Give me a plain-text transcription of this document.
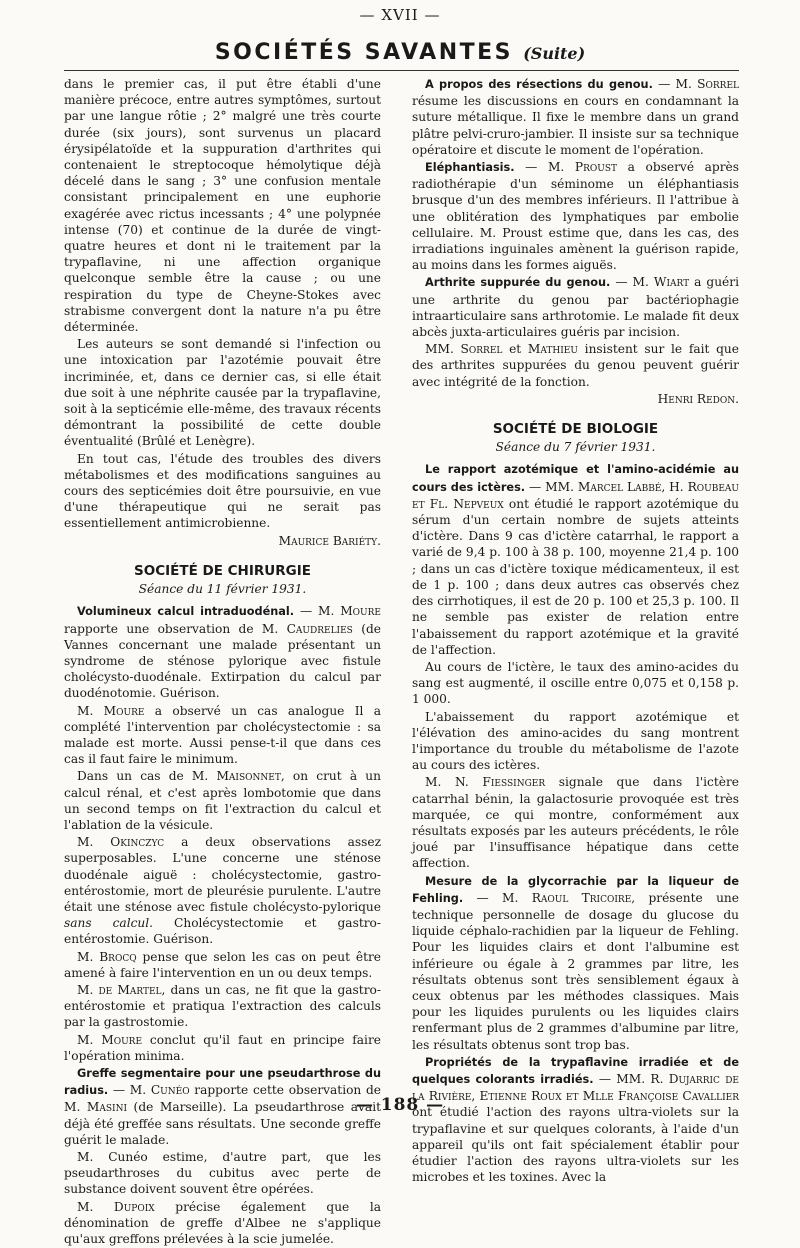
— XVII —
SOCIÉTÉS SAVANTES (Suite)

dans le premier cas, il put être établi d'une manière précoce, entre autres symptômes, surtout par une langue rôtie ; 2° malgré une très courte durée (six jours), sont survenus un placard érysipélatoïde et la suppuration d'arthrites qui contenaient le streptocoque hémolytique déjà décelé dans le sang ; 3° une confusion mentale consistant principalement en une euphorie exagérée avec rictus incessants ; 4° une polypnée intense (70) et continue de la durée de vingt-quatre heures et dont ni le traitement par la trypaflavine, ni une affection organique quelconque semble être la cause ; ou une respiration du type de Cheyne-Stokes avec strabisme convergent dont la nature n'a pu être déterminée.

Les auteurs se sont demandé si l'infection ou une intoxication par l'azotémie pouvait être incriminée, et, dans ce dernier cas, si elle était due soit à une néphrite causée par la trypaflavine, soit à la septicémie elle-même, des travaux récents démontrant la possibilité de cette double éventualité (Brûlé et Lenègre).

En tout cas, l'étude des troubles des divers métabolismes et des modifications sanguines au cours des septicémies doit être poursuivie, en vue d'une thérapeutique qui ne serait pas essentiellement antimicrobienne.

Maurice Bariéty.
SOCIÉTÉ DE CHIRURGIE
Séance du 11 février 1931.

Volumineux calcul intraduodénal. — M. Moure rapporte une observation de M. Caudrelies (de Vannes concernant une malade présentant un syndrome de sténose pylorique avec fistule cholécysto-duodénale. Extirpation du calcul par duodénotomie. Guérison.

M. Moure a observé un cas analogue Il a complété l'intervention par cholécystectomie : sa malade est morte. Aussi pense-t-il que dans ces cas il faut faire le minimum.

Dans un cas de M. Maisonnet, on crut à un calcul rénal, et c'est après lombotomie que dans un second temps on fit l'extraction du calcul et l'ablation de la vésicule.

M. Okinczyc a deux observations assez superposables. L'une concerne une sténose duodénale aiguë : cholécystectomie, gastro-entérostomie, mort de pleurésie purulente. L'autre était une sténose avec fistule cholécysto-pylorique sans calcul. Cholécystectomie et gastro-entérostomie. Guérison.

M. Brocq pense que selon les cas on peut être amené à faire l'intervention en un ou deux temps.

M. de Martel, dans un cas, ne fit que la gastro-entérostomie et pratiqua l'extraction des calculs par la gastrostomie.

M. Moure conclut qu'il faut en principe faire l'opération minima.

Greffe segmentaire pour une pseudarthrose du radius. — M. Cunéo rapporte cette observation de M. Masini (de Marseille). La pseudarthrose avait déjà été greffée sans résultats. Une seconde greffe guérit le malade.

M. Cunéo estime, d'autre part, que les pseudarthroses du cubitus avec perte de substance doivent souvent être opérées.

M. Dupoix précise également que la dénomination de greffe d'Albee ne s'applique qu'aux greffons prélevées à la scie jumelée.

A propos des résections du genou. — M. Sorrel résume les discussions en cours en condamnant la suture métallique. Il fixe le membre dans un grand plâtre pelvi-cruro-jambier. Il insiste sur sa technique opératoire et discute le moment de l'opération.

Eléphantiasis. — M. Proust a observé après radiothérapie d'un séminome un éléphantiasis brusque d'un des membres inférieurs. Il l'attribue à une oblitération des lymphatiques par embolie cellulaire. M. Proust estime que, dans les cas, des irradiations inguinales amènent la guérison rapide, au moins dans les formes aiguës.

Arthrite suppurée du genou. — M. Wiart a guéri une arthrite du genou par bactériophagie intraarticulaire sans arthrotomie. Le malade fit deux abcès juxta-articulaires guéris par incision.

MM. Sorrel et Mathieu insistent sur le fait que des arthrites suppurées du genou peuvent guérir avec intégrité de la fonction.

Henri Redon.
SOCIÉTÉ DE BIOLOGIE
Séance du 7 février 1931.

Le rapport azotémique et l'amino-acidémie au cours des ictères. — MM. Marcel Labbé, H. Roubeau et Fl. Nepveux ont étudié le rapport azotémique du sérum d'un certain nombre de sujets atteints d'ictère. Dans 9 cas d'ictère catarrhal, le rapport a varié de 9,4 p. 100 à 38 p. 100, moyenne 21,4 p. 100 ; dans un cas d'ictère toxique médicamenteux, il est de 1 p. 100 ; dans deux autres cas observés chez des cirrhotiques, il est de 20 p. 100 et 25,3 p. 100. Il ne semble pas exister de relation entre l'abaissement du rapport azotémique et la gravité de l'affection.

Au cours de l'ictère, le taux des amino-acides du sang est augmenté, il oscille entre 0,075 et 0,158 p. 1 000.

L'abaissement du rapport azotémique et l'élévation des amino-acides du sang montrent l'importance du trouble du métabolisme de l'azote au cours des ictères.

M. N. Fiessinger signale que dans l'ictère catarrhal bénin, la galactosurie provoquée est très marquée, ce qui montre, conformément aux résultats exposés par les auteurs précédents, le rôle joué par l'insuffisance hépatique dans cette affection.

Mesure de la glycorrachie par la liqueur de Fehling. — M. Raoul Tricoire, présente une technique personnelle de dosage du glucose du liquide céphalo-rachidien par la liqueur de Fehling. Pour les liquides clairs et dont l'albumine est inférieure ou égale à 2 grammes par litre, les résultats obtenus sont très sensiblement égaux à ceux obtenus par les méthodes classiques. Mais pour les liquides purulents ou les liquides clairs renfermant plus de 2 grammes d'albumine par litre, les résultats obtenus sont trop bas.

Propriétés de la trypaflavine irradiée et de quelques colorants irradiés. — MM. R. Dujarric de la Rivière, Etienne Roux et Mlle Françoise Cavallier ont étudié l'action des rayons ultra-violets sur la trypaflavine et sur quelques colorants, à l'aide d'un appareil qu'ils ont fait spécialement établir pour étudier l'action des rayons ultra-violets sur les microbes et les toxines. Avec la

— 188 —
